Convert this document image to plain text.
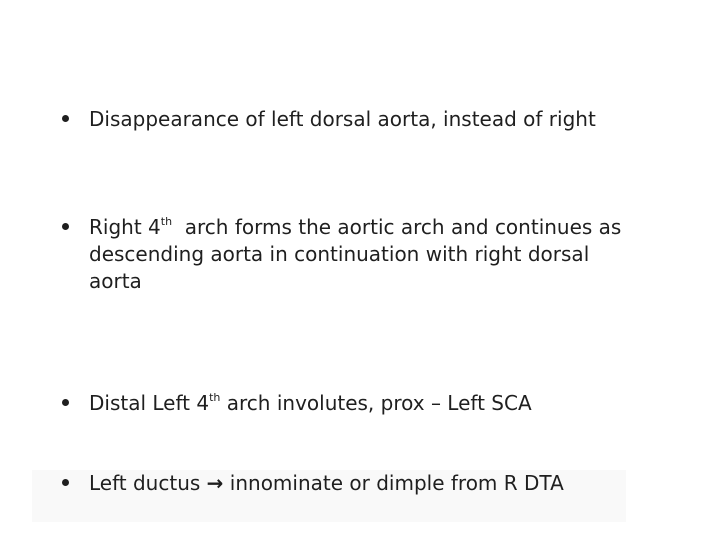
Disappearance of left dorsal aorta, instead of right
Right 4th  arch forms the aortic arch and continues as descending aorta in continuation with right dorsal aorta
Distal Left 4th arch involutes, prox – Left SCA
Left ductus → innominate or dimple from R DTA
